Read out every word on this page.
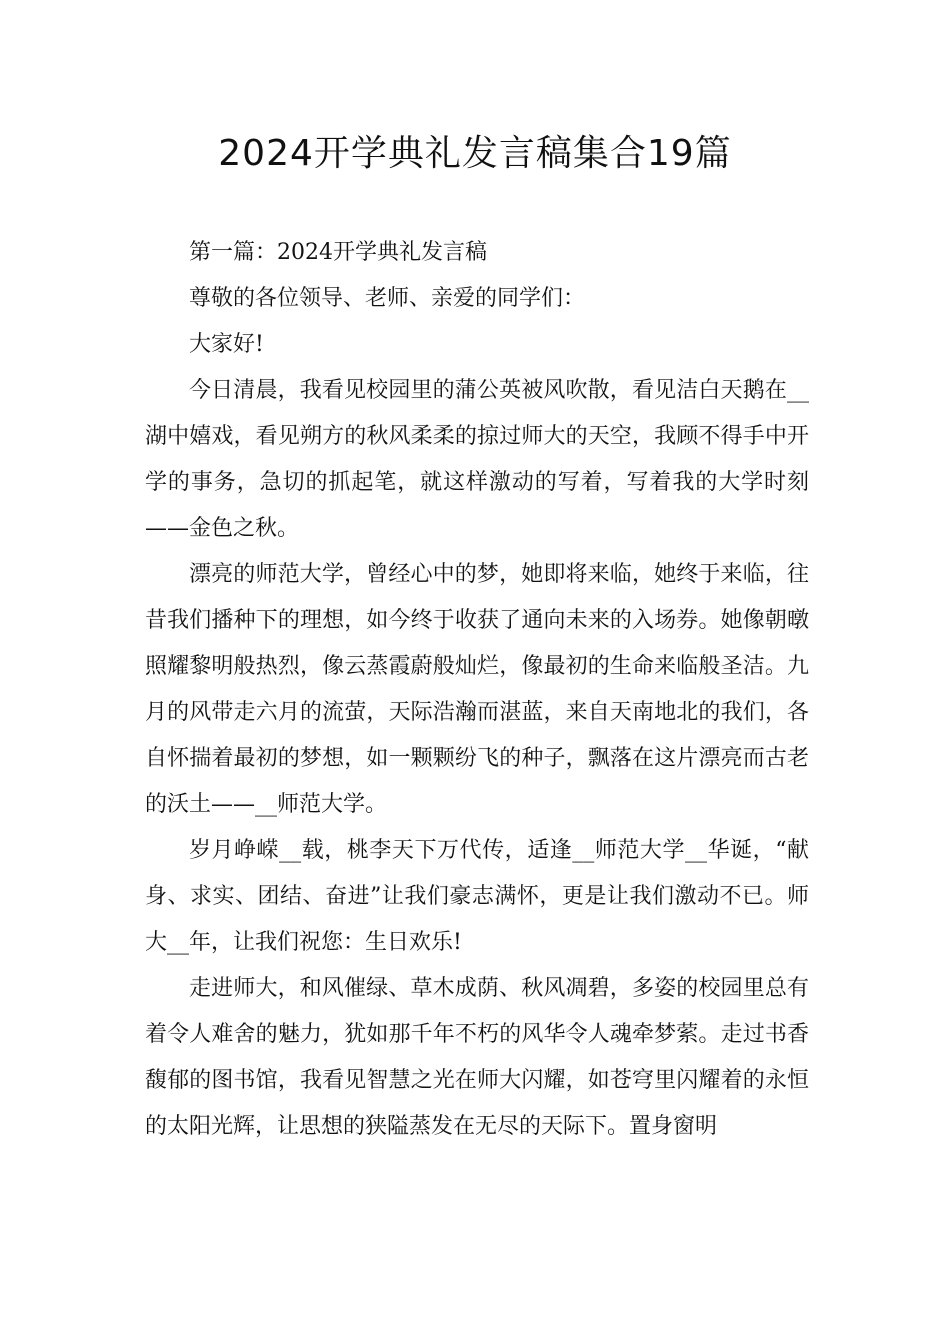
2024开学典礼发言稿集合19篇

第一篇：2024开学典礼发言稿

尊敬的各位领导、老师、亲爱的同学们：

大家好!

今日清晨，我看见校园里的蒲公英被风吹散，看见洁白天鹅在__湖中嬉戏，看见朔方的秋风柔柔的掠过师大的天空，我顾不得手中开学的事务，急切的抓起笔，就这样激动的写着，写着我的大学时刻——金色之秋。

漂亮的师范大学，曾经心中的梦，她即将来临，她终于来临，往昔我们播种下的理想，如今终于收获了通向未来的入场券。她像朝暾照耀黎明般热烈，像云蒸霞蔚般灿烂，像最初的生命来临般圣洁。九月的风带走六月的流萤，天际浩瀚而湛蓝，来自天南地北的我们，各自怀揣着最初的梦想，如一颗颗纷飞的种子，飘落在这片漂亮而古老的沃土——__师范大学。

岁月峥嵘__载，桃李天下万代传，适逢__师范大学__华诞，“献身、求实、团结、奋进”让我们豪志满怀，更是让我们激动不已。师大__年，让我们祝您：生日欢乐!

走进师大，和风催绿、草木成荫、秋风凋碧，多姿的校园里总有着令人难舍的魅力，犹如那千年不朽的风华令人魂牵梦萦。走过书香馥郁的图书馆，我看见智慧之光在师大闪耀，如苍穹里闪耀着的永恒的太阳光辉，让思想的狭隘蒸发在无尽的天际下。置身窗明
